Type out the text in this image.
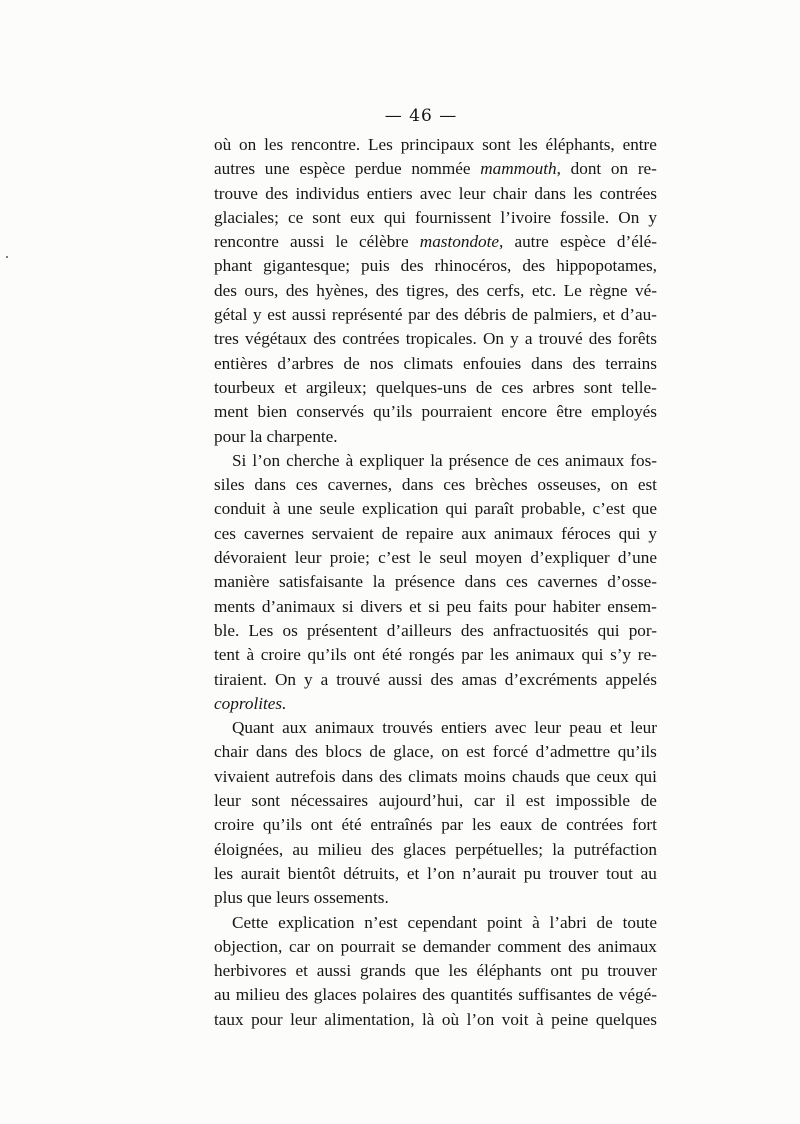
— 46 —
où on les rencontre. Les principaux sont les éléphants, entre
autres une espèce perdue nommée mammouth, dont on re-
trouve des individus entiers avec leur chair dans les contrées
glaciales; ce sont eux qui fournissent l’ivoire fossile. On y
rencontre aussi le célèbre mastondote, autre espèce d’élé-
phant gigantesque; puis des rhinocéros, des hippopotames,
des ours, des hyènes, des tigres, des cerfs, etc. Le règne vé-
gétal y est aussi représenté par des débris de palmiers, et d’au-
tres végétaux des contrées tropicales. On y a trouvé des forêts
entières d’arbres de nos climats enfouies dans des terrains
tourbeux et argileux; quelques-uns de ces arbres sont telle-
ment bien conservés qu’ils pourraient encore être employés
pour
la
charpente.
Si l’on cherche à expliquer la présence de ces animaux fos-
siles dans ces cavernes, dans ces brèches osseuses, on est
conduit à une seule explication qui paraît probable, c’est que
ces cavernes servaient de repaire aux animaux féroces qui y
dévoraient leur proie; c’est le seul moyen d’expliquer d’une
manière satisfaisante la présence dans ces cavernes d’osse-
ments d’animaux si divers et si peu faits pour habiter ensem-
ble. Les os présentent d’ailleurs des anfractuosités qui por-
tent à croire qu’ils ont été rongés par les animaux qui s’y re-
tiraient. On y a trouvé aussi des amas d’excréments appelés
coprolites.
Quant aux animaux trouvés entiers avec leur peau et leur
chair dans des blocs de glace, on est forcé d’admettre qu’ils
vivaient autrefois dans des climats moins chauds que ceux qui
leur sont nécessaires aujourd’hui, car il est impossible de
croire qu’ils ont été entraînés par les eaux de contrées fort
éloignées, au milieu des glaces perpétuelles; la putréfaction
les aurait bientôt détruits, et l’on n’aurait pu trouver tout au
plus
que
leurs
ossements.
Cette explication n’est cependant point à l’abri de toute
objection, car on pourrait se demander comment des animaux
herbivores et aussi grands que les éléphants ont pu trouver
au milieu des glaces polaires des quantités suffisantes de végé-
taux pour leur alimentation, là où l’on voit à peine quelques
